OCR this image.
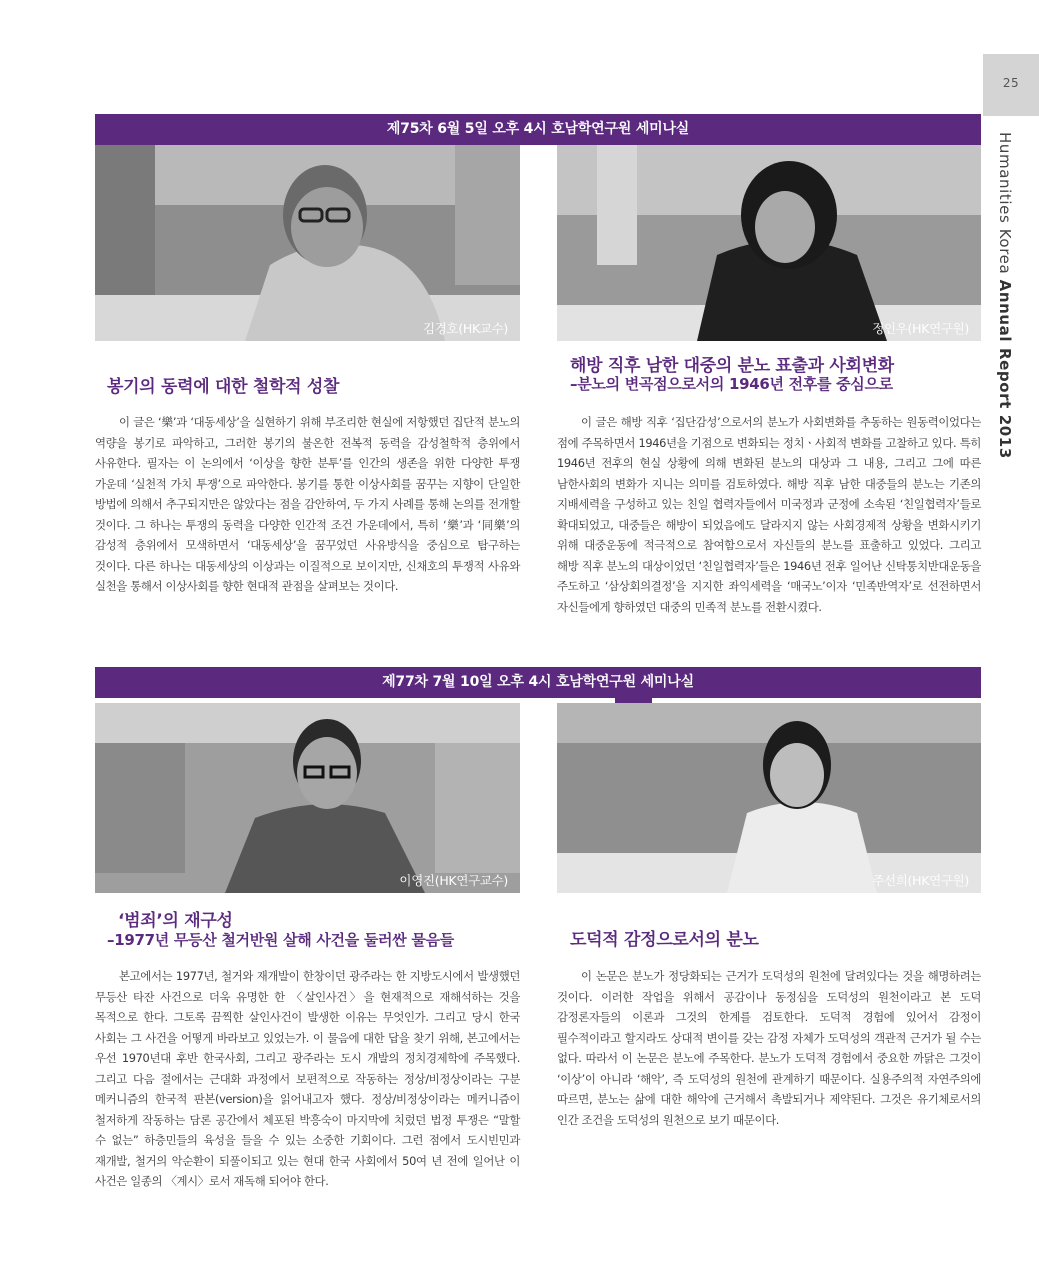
25
Humanities Korea Annual Report 2013
제75차 6월 5일 오후 4시 호남학연구원 세미나실
김경호(HK교수)	정인우(HK연구원)
봉기의 동력에 대한 철학적 성찰
이 글은 ‘樂’과 ‘대동세상’을 실현하기 위해 부조리한 현실에 저항했던 집단적 분노의 역량을 봉기로 파악하고, 그러한 봉기의 불온한 전복적 동력을 감성철학적 층위에서 사유한다. 필자는 이 논의에서 ‘이상을 향한 분투’를 인간의 생존을 위한 다양한 투쟁 가운데 ‘실천적 가치 투쟁’으로 파악한다. 봉기를 통한 이상사회를 꿈꾸는 지향이 단일한 방법에 의해서 추구되지만은 않았다는 점을 감안하여, 두 가지 사례를 통해 논의를 전개할 것이다. 그 하나는 투쟁의 동력을 다양한 인간적 조건 가운데에서, 특히 ‘樂’과 ‘同樂’의 감성적 층위에서 모색하면서 ‘대동세상’을 꿈꾸었던 사유방식을 중심으로 탐구하는 것이다. 다른 하나는 대동세상의 이상과는 이질적으로 보이지만, 신채호의 투쟁적 사유와 실천을 통해서 이상사회를 향한 현대적 관점을 살펴보는 것이다.
해방 직후 남한 대중의 분노 표출과 사회변화
–분노의 변곡점으로서의 1946년 전후를 중심으로
이 글은 해방 직후 ‘집단감성’으로서의 분노가 사회변화를 추동하는 원동력이었다는 점에 주목하면서 1946년을 기점으로 변화되는 정치ㆍ사회적 변화를 고찰하고 있다. 특히 1946년 전후의 현실 상황에 의해 변화된 분노의 대상과 그 내용, 그리고 그에 따른 남한사회의 변화가 지니는 의미를 검토하였다. 해방 직후 남한 대중들의 분노는 기존의 지배세력을 구성하고 있는 친일 협력자들에서 미국정과 군정에 소속된 ‘친일협력자’들로 확대되었고, 대중들은 해방이 되었음에도 달라지지 않는 사회경제적 상황을 변화시키기 위해 대중운동에 적극적으로 참여함으로서 자신들의 분노를 표출하고 있었다. 그리고 해방 직후 분노의 대상이었던 ‘친일협력자’들은 1946년 전후 일어난 신탁통치반대운동을 주도하고 ‘삼상회의결정’을 지지한 좌익세력을 ‘매국노’이자 ‘민족반역자’로 선전하면서 자신들에게 향하였던 대중의 민족적 분노를 전환시켰다.
제77차 7월 10일 오후 4시 호남학연구원 세미나실
이영진(HK연구교수)	주선희(HK연구원)
‘범죄’의 재구성
–1977년 무등산 철거반원 살해 사건을 둘러싼 물음들
본고에서는 1977년, 철거와 재개발이 한창이던 광주라는 한 지방도시에서 발생했던 무등산 타잔 사건으로 더욱 유명한 한 〈살인사건〉을 현재적으로 재해석하는 것을 목적으로 한다. 그토록 끔찍한 살인사건이 발생한 이유는 무엇인가. 그리고 당시 한국 사회는 그 사건을 어떻게 바라보고 있었는가. 이 물음에 대한 답을 찾기 위해, 본고에서는 우선 1970년대 후반 한국사회, 그리고 광주라는 도시 개발의 정치경제학에 주목했다. 그리고 다음 절에서는 근대화 과정에서 보편적으로 작동하는 정상/비정상이라는 구분 메커니즘의 한국적 판본(version)을 읽어내고자 했다. 정상/비정상이라는 메커니즘이 철저하게 작동하는 담론 공간에서 체포된 박흥숙이 마지막에 치렀던 법정 투쟁은 “말할 수 없는” 하층민들의 육성을 들을 수 있는 소중한 기회이다. 그런 점에서 도시빈민과 재개발, 철거의 악순환이 되풀이되고 있는 현대 한국 사회에서 50여 년 전에 일어난 이 사건은 일종의 〈계시〉로서 재독해 되어야 한다.
도덕적 감정으로서의 분노
이 논문은 분노가 정당화되는 근거가 도덕성의 원천에 달려있다는 것을 해명하려는 것이다. 이러한 작업을 위해서 공감이나 동정심을 도덕성의 원천이라고 본 도덕 감정론자들의 이론과 그것의 한계를 검토한다. 도덕적 경험에 있어서 감정이 필수적이라고 할지라도 상대적 변이를 갖는 감정 자체가 도덕성의 객관적 근거가 될 수는 없다. 따라서 이 논문은 분노에 주목한다. 분노가 도덕적 경험에서 중요한 까닭은 그것이 ‘이상’이 아니라 ‘해악’, 즉 도덕성의 원천에 관계하기 때문이다. 실용주의적 자연주의에 따르면, 분노는 삶에 대한 해악에 근거해서 촉발되거나 제약된다. 그것은 유기체로서의 인간 조건을 도덕성의 원천으로 보기 때문이다.
